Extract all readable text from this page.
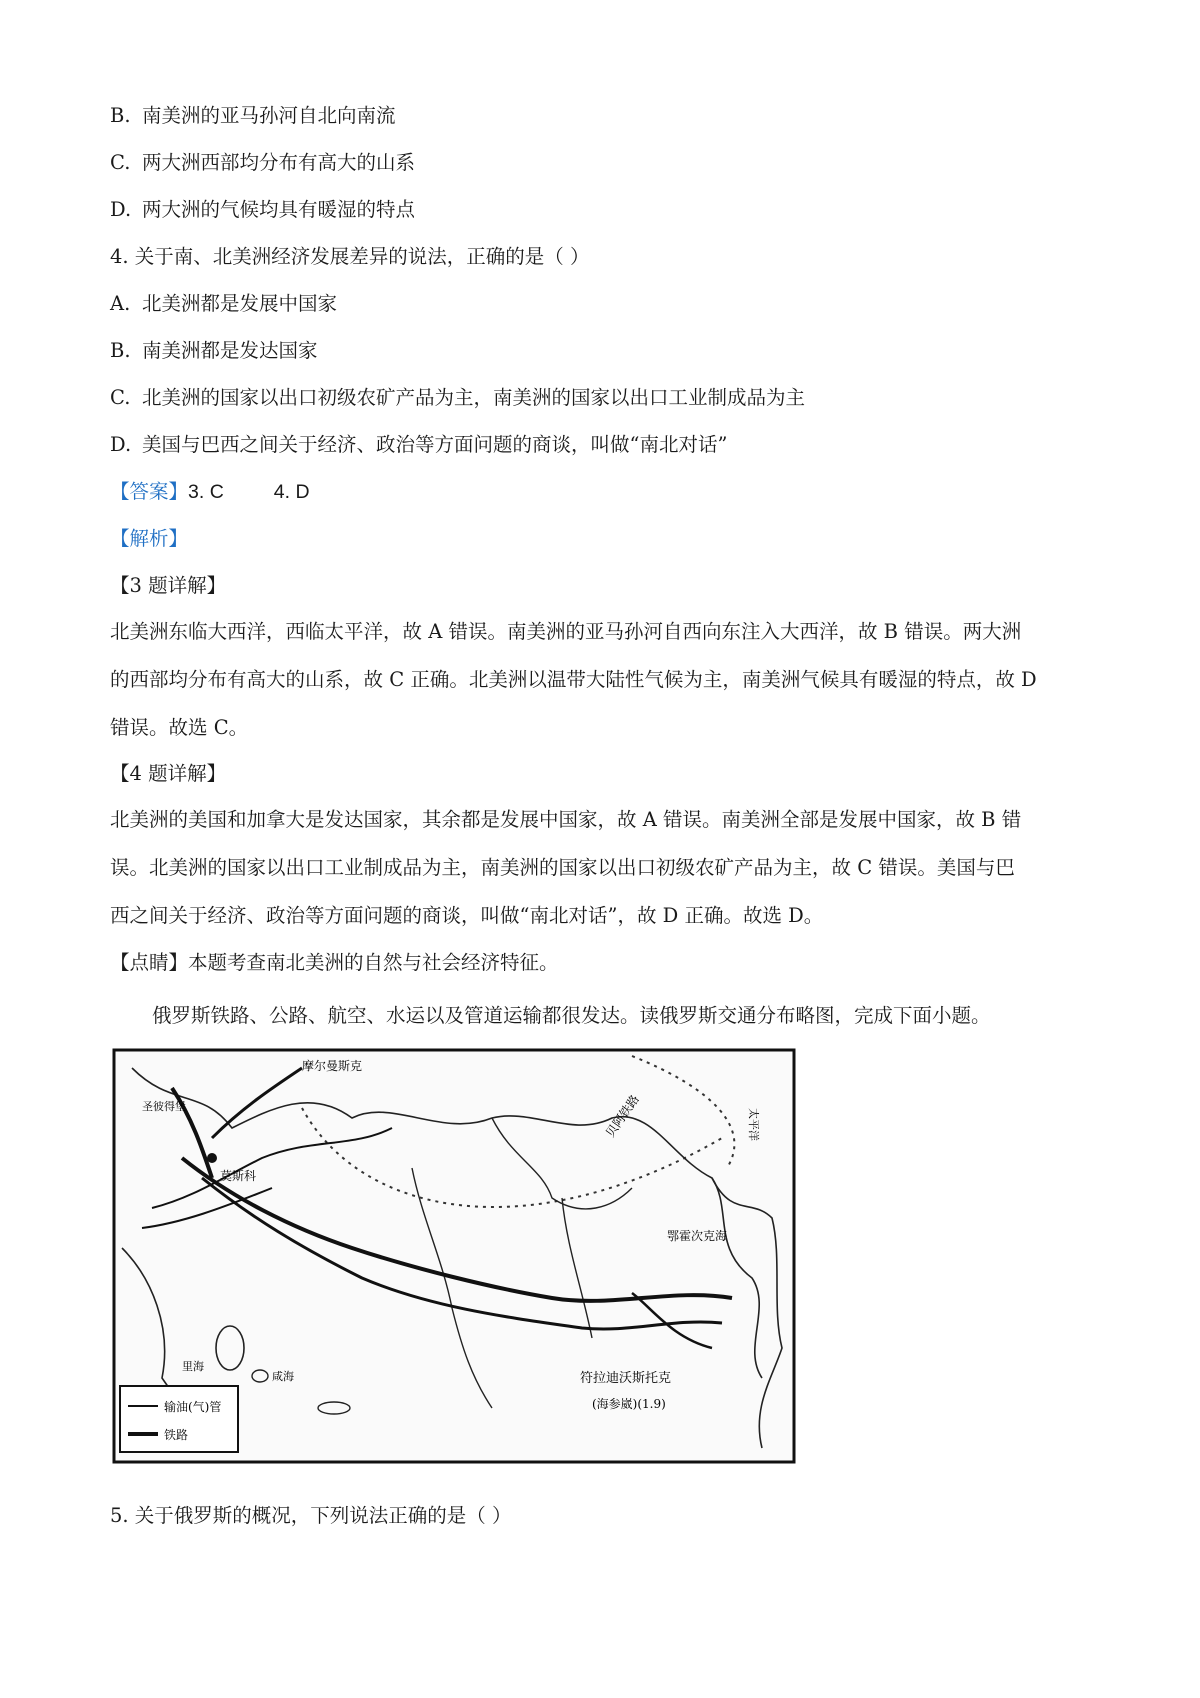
B. 南美洲的亚马孙河自北向南流
C. 两大洲西部均分布有高大的山系
D. 两大洲的气候均具有暖湿的特点
4. 关于南、北美洲经济发展差异的说法，正确的是（ ）
A. 北美洲都是发展中国家
B. 南美洲都是发达国家
C. 北美洲的国家以出口初级农矿产品为主，南美洲的国家以出口工业制成品为主
D. 美国与巴西之间关于经济、政治等方面问题的商谈，叫做“南北对话”
【答案】3. C	4. D
【解析】
【3 题详解】
北美洲东临大西洋，西临太平洋，故 A 错误。南美洲的亚马孙河自西向东注入大西洋，故 B 错误。两大洲
的西部均分布有高大的山系，故 C 正确。北美洲以温带大陆性气候为主，南美洲气候具有暖湿的特点，故 D
错误。故选 C。
【4 题详解】
北美洲的美国和加拿大是发达国家，其余都是发展中国家，故 A 错误。南美洲全部是发展中国家，故 B 错
误。北美洲的国家以出口工业制成品为主，南美洲的国家以出口初级农矿产品为主，故 C 错误。美国与巴
西之间关于经济、政治等方面问题的商谈，叫做“南北对话”，故 D 正确。故选 D。
【点睛】本题考查南北美洲的自然与社会经济特征。
俄罗斯铁路、公路、航空、水运以及管道运输都很发达。读俄罗斯交通分布略图，完成下面小题。
输油(气)管
铁路
莫斯科
摩尔曼斯克
圣彼得堡	贝阿铁路
鄂霍次克海
符拉迪沃斯托克
(海参崴)(1.9)
里海
咸海
太平洋
5. 关于俄罗斯的概况，下列说法正确的是（ ）
